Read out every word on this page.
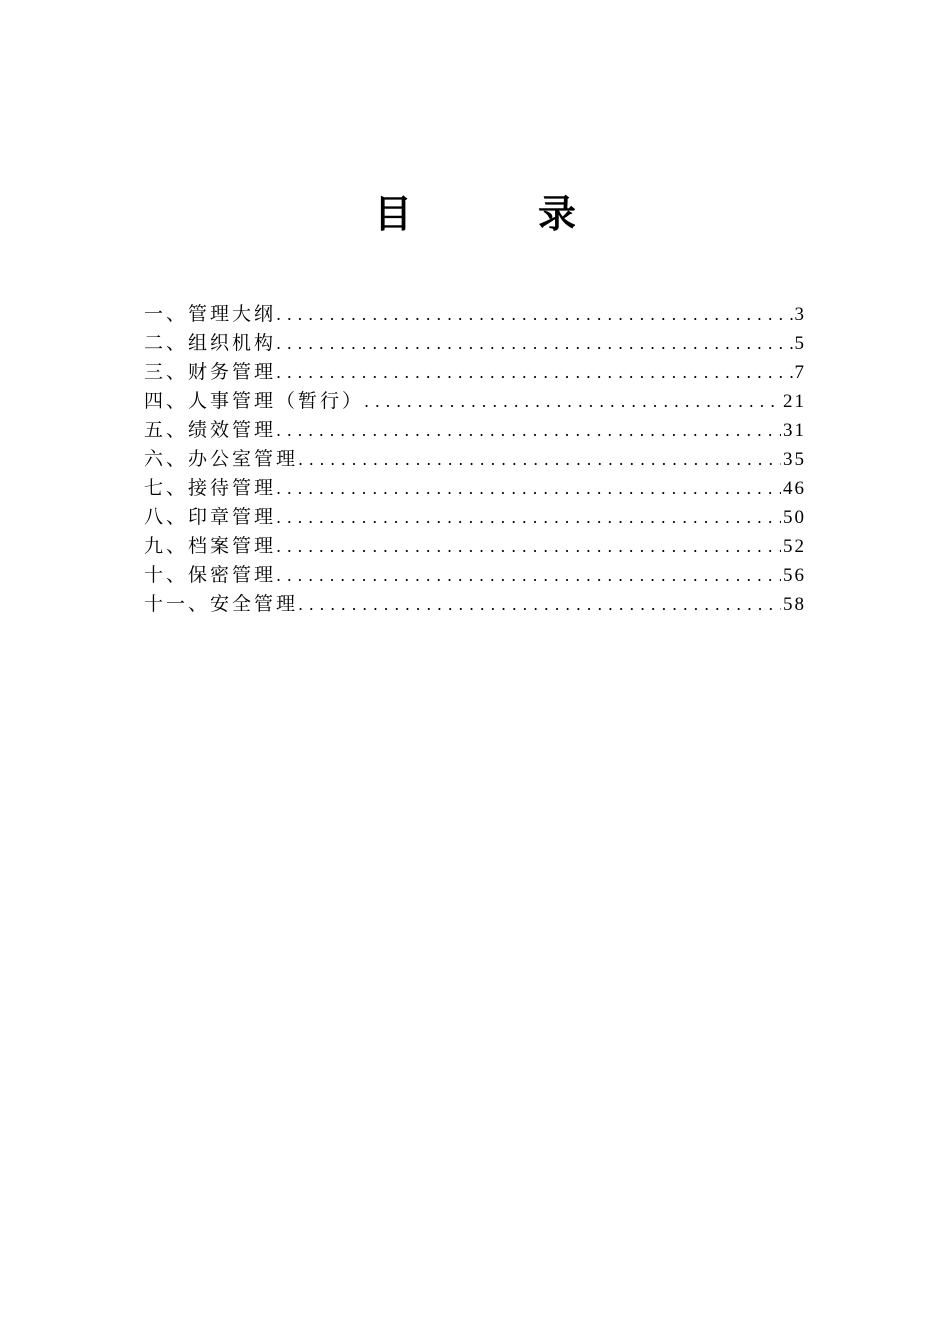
目　录
一、管理大纲 .....	3
二、组织机构 .....	5
三、财务管理 .....	7
四、人事管理（暂行） .....	21
五、绩效管理 .....	31
六、办公室管理 .....	35
七、接待管理 .....	46
八、印章管理 .....	50
九、档案管理 .....	52
十、保密管理 .....	56
十一、安全管理 .....	58
